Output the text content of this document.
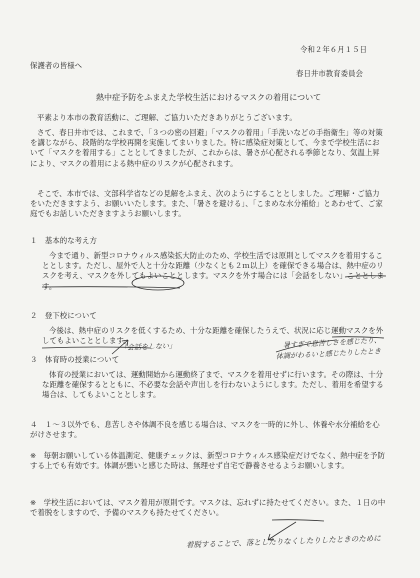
令和２年６月１５日
保護者の皆様へ
春日井市教育委員会
熱中症予防をふまえた学校生活におけるマスクの着用について
平素より本市の教育活動に、ご理解、ご協力いただきありがとうございます。
さて、春日井市では、これまで、「３つの密の回避」「マスクの着用」「手洗いなどの手指衛生」等の対策を講じながら、段階的な学校再開を実施してまいりました。特に感染症対策として、今まで学校生活において「マスクを着用する」こととしてきましたが、これからは、暑さが心配される季節となり、気温上昇により、マスクの着用による熱中症のリスクが心配されます。
そこで、本市では、文部科学省などの見解をふまえ、次のようにすることとしました。ご理解・ご協力をいただきますよう、お願いいたします。また、「暑さを避ける」、「こまめな水分補給」とあわせて、ご家庭でもお話しいただきますようお願いします。
１　基本的な考え方
今まで通り、新型コロナウィルス感染拡大防止のため、学校生活では原則としてマスクを着用することとします。ただし、屋外で人と十分な距離（少なくとも２ｍ以上）を確保できる場合は、熱中症のリスクを考え、マスクを外してもよいこととします。マスクを外す場合には「会話をしない」こととします。
２　登下校について
今後は、熱中症のリスクを低くするため、十分な距離を確保したうえで、状況に応じ運動マスクを外してもよいこととします。
３　体育時の授業について
体育の授業においては、運動開始から運動終了まで、マスクを着用せずに行います。その際は、十分な距離を確保するとともに、不必要な会話や声出しを行わないようにします。ただし、着用を希望する場合は、してもよいこととします。
４　１～３以外でも、息苦しさや体調不良を感じる場合は、マスクを一時的に外し、休養や水分補給を心がけさせます。
※　毎朝お願いしている体温測定、健康チェックは、新型コロナウィルス感染症だけでなく、熱中症を予防する上でも有効です。体調が悪いと感じた時は、無理せず自宅で静養させるようお願いします。
※　学校生活においては、マスク着用が原則です。マスクは、忘れずに持たせてください。また、１日の中で着脱をしますので、予備のマスクも持たせてください。
暑すぎで息苦しさを感じたり、
体調がわるいと感じたりしたとき
「会話をしない」
着脱することで、落としたりなくしたりしたときのために
